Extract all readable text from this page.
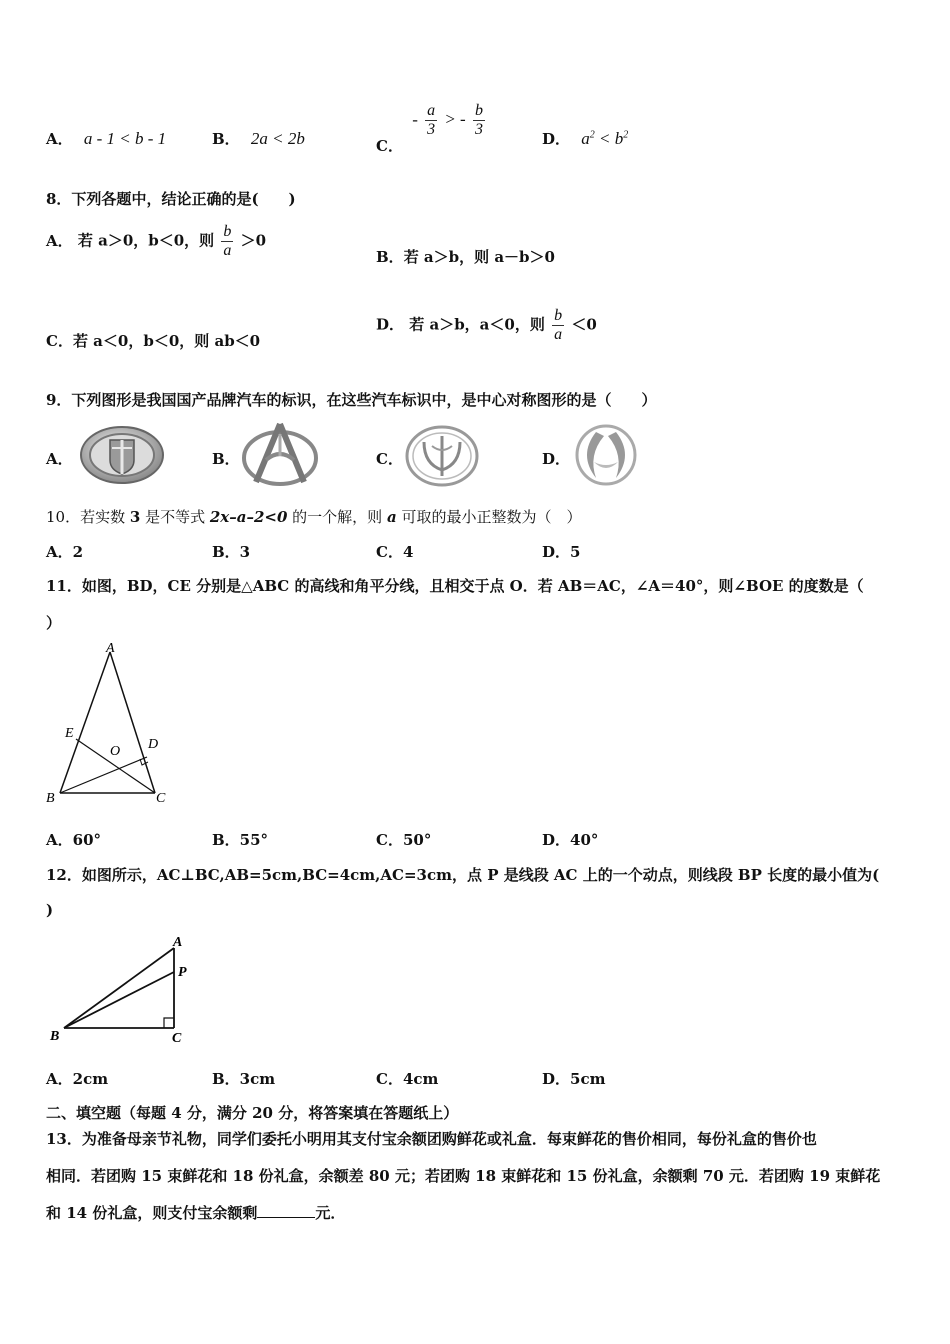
A． a - 1 < b - 1	B． 2a < 2b	C． - $\frac{a}{3}$ > - $\frac{b}{3}$	D． $a^2 < b^2$
8．下列各题中，结论正确的是(　　)
A． 若 a＞0，b＜0，则 $\frac{b}{a} >0$
B．若 a＞b，则 a－b＞0
C．若 a＜0，b＜0，则 ab＜0
D． 若 a＞b，a＜0，则 $\frac{b}{a} <0$
9．下列图形是我国国产品牌汽车的标识，在这些汽车标识中，是中心对称图形的是（　　）
A．	B．	C．	D．
10．若实数 3 是不等式 2x–a–2<0 的一个解，则 a 可取的最小正整数为（　）
A．2	B．3	C．4	D．5
11．如图，BD，CE 分别是△ABC 的高线和角平分线，且相交于点 O．若 AB＝AC，∠A＝40°，则∠BOE 的度数是（
）
A
B	C
D
E
O
A．60°	B．55°	C．50°	D．40°
12．如图所示，AC⊥BC,AB=5cm,BC=4cm,AC=3cm，点 P 是线段 AC 上的一个动点，则线段 BP 长度的最小值为(
)
A
P
B	C
A．2cm	B．3cm	C．4cm	D．5cm
二、填空题（每题 4 分，满分 20 分，将答案填在答题纸上）
13．为准备母亲节礼物，同学们委托小明用其支付宝余额团购鲜花或礼盒．每束鲜花的售价相同，每份礼盒的售价也
相同．若团购 15 束鲜花和 18 份礼盒，余额差 80 元；若团购 18 束鲜花和 15 份礼盒，余额剩 70 元．若团购 19 束鲜花
和 14 份礼盒，则支付宝余额剩	元．
